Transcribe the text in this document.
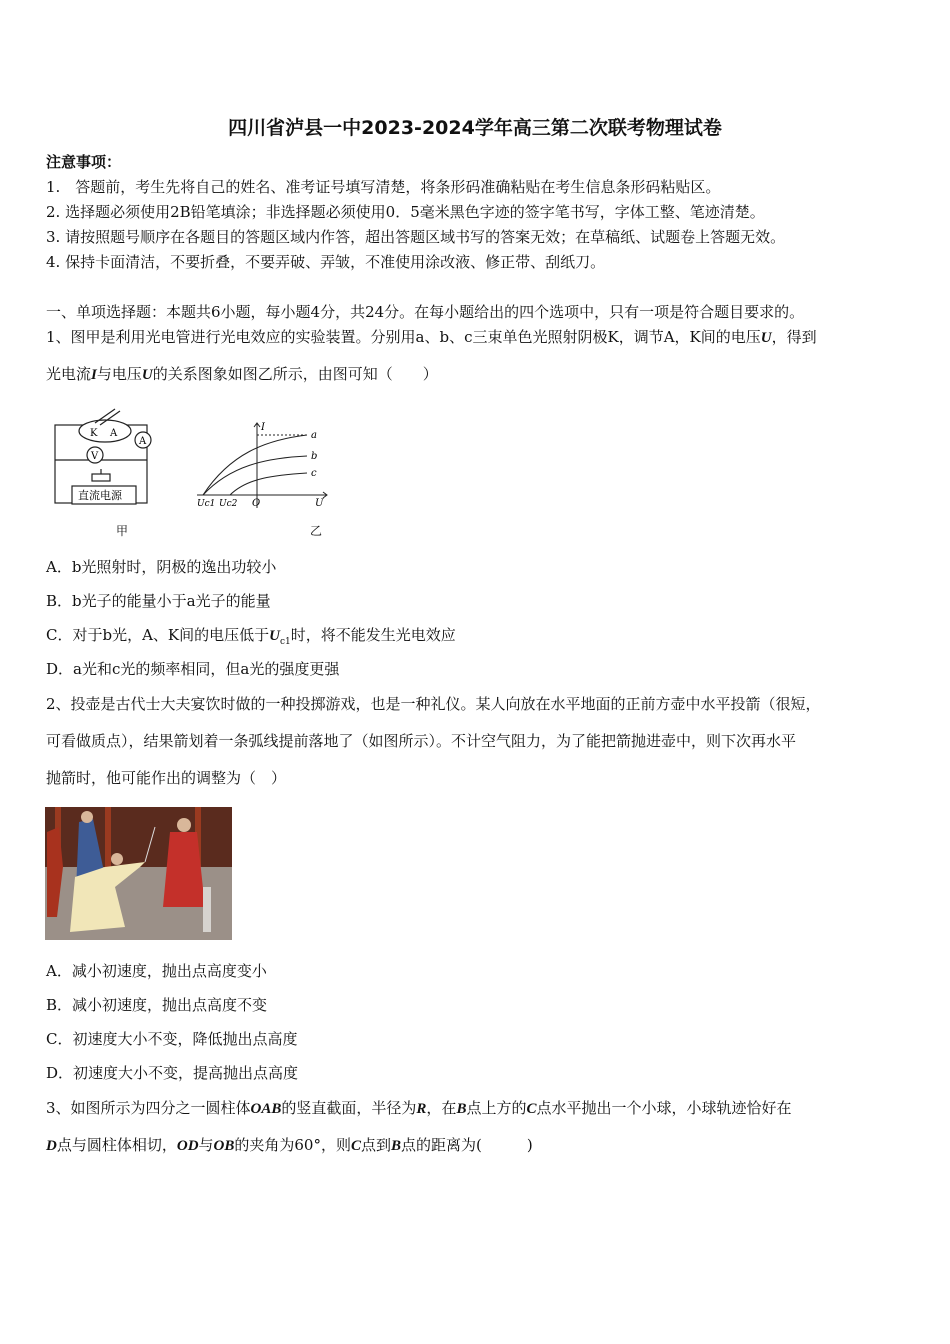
四川省泸县一中2023-2024学年高三第二次联考物理试卷
注意事项：
1.　答题前，考生先将自己的姓名、准考证号填写清楚，将条形码准确粘贴在考生信息条形码粘贴区。
2. 选择题必须使用2B铅笔填涂；非选择题必须使用0．5毫米黑色字迹的签字笔书写，字体工整、笔迹清楚。
3. 请按照题号顺序在各题目的答题区域内作答，超出答题区域书写的答案无效；在草稿纸、试题卷上答题无效。
4. 保持卡面清洁，不要折叠，不要弄破、弄皱，不准使用涂改液、修正带、刮纸刀。
一、单项选择题：本题共6小题，每小题4分，共24分。在每小题给出的四个选项中，只有一项是符合题目要求的。
1、图甲是利用光电管进行光电效应的实验装置。分别用a、b、c三束单色光照射阴极K，调节A，K间的电压U，得到
光电流I与电压U的关系图象如图乙所示，由图可知（　　）
K A
A
V
直流电源
甲
I
U
O
Uc1 Uc2
a
b
c
乙
A．b光照射时，阴极的逸出功较小
B．b光子的能量小于a光子的能量
C．对于b光，A、K间的电压低于$U_{c1}$时，将不能发生光电效应
D．a光和c光的频率相同，但a光的强度更强
2、投壶是古代士大夫宴饮时做的一种投掷游戏，也是一种礼仪。某人向放在水平地面的正前方壶中水平投箭（很短，
可看做质点），结果箭划着一条弧线提前落地了（如图所示）。不计空气阻力，为了能把箭抛进壶中，则下次再水平
抛箭时，他可能作出的调整为（　）
A．减小初速度，抛出点高度变小
B．减小初速度，抛出点高度不变
C．初速度大小不变，降低抛出点高度
D．初速度大小不变，提高抛出点高度
3、如图所示为四分之一圆柱体OAB的竖直截面，半径为R，在B点上方的C点水平抛出一个小球，小球轨迹恰好在
D点与圆柱体相切，OD与OB的夹角为60°，则C点到B点的距离为(　　　)
